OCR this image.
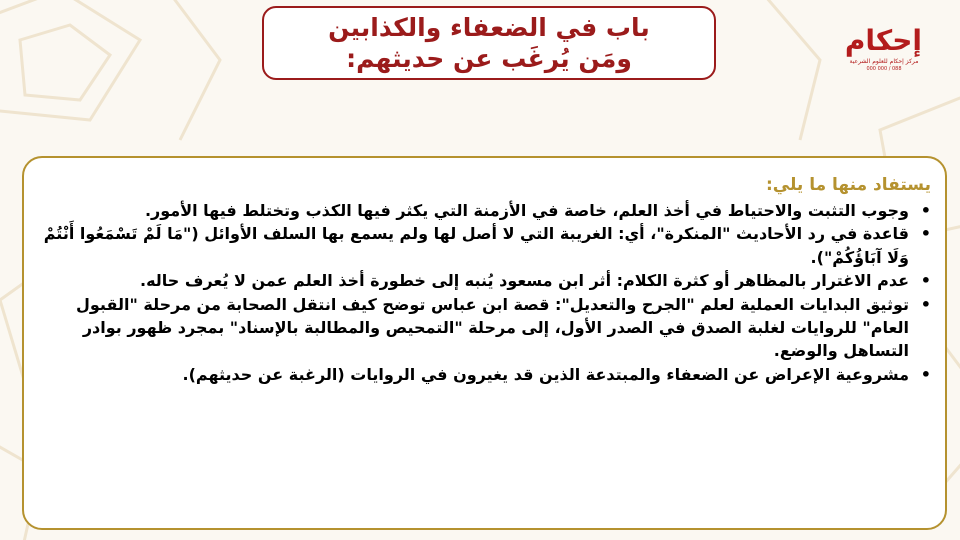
باب في الضعفاء والكذابين
ومَن يُرغَب عن حديثهم:
إحكام
مركز إحكام للعلوم الشرعية
088 / 000 000
يستفاد منها ما يلي:
•
وجوب التثبت والاحتياط في أخذ العلم، خاصة في الأزمنة التي يكثر فيها الكذب وتختلط فيها الأمور.
•
قاعدة في رد الأحاديث "المنكرة"، أي: الغريبة التي لا أصل لها ولم يسمع بها السلف الأوائل ("مَا لَمْ تَسْمَعُوا أَنْتُمْ وَلَا آبَاؤُكُمْ").
•
عدم الاغترار بالمظاهر أو كثرة الكلام: أثر ابن مسعود يُنبه إلى خطورة أخذ العلم عمن لا يُعرف حاله.
•
توثيق البدايات العملية لعلم "الجرح والتعديل": قصة ابن عباس توضح كيف انتقل الصحابة من مرحلة "القبول العام" للروايات لغلبة الصدق في الصدر الأول، إلى مرحلة "التمحيص والمطالبة بالإسناد" بمجرد ظهور بوادر التساهل والوضع.
•
مشروعية الإعراض عن الضعفاء والمبتدعة الذين قد يغيرون في الروايات (الرغبة عن حديثهم).
